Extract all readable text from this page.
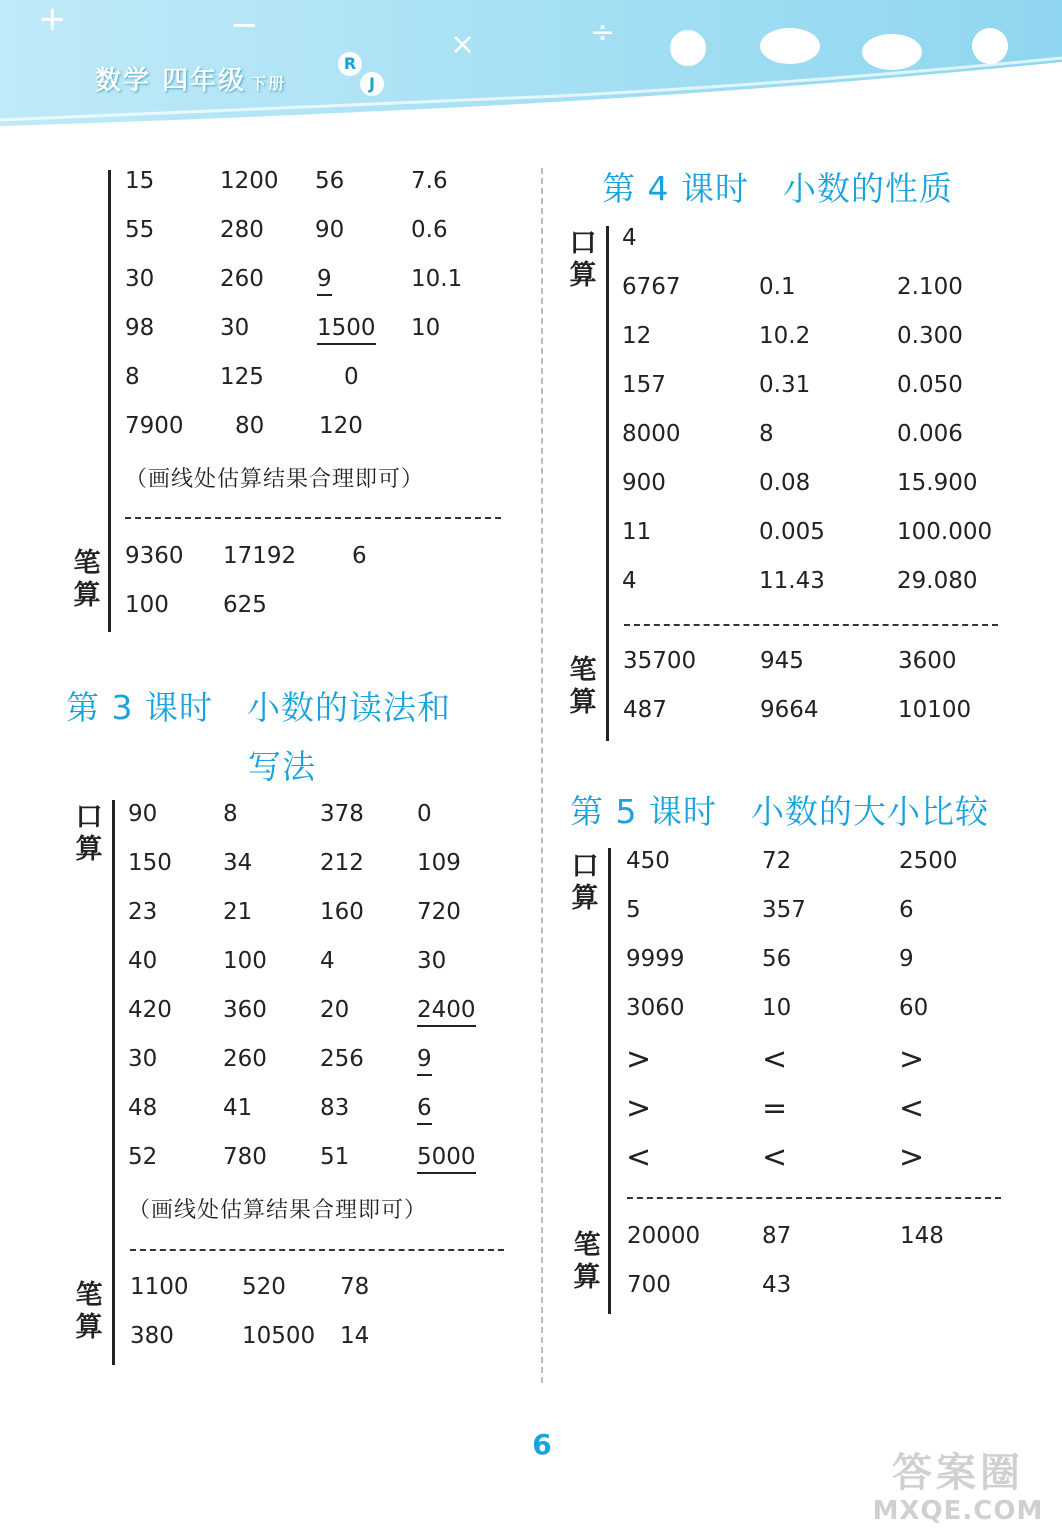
+	−	×	÷
数学 四年级 下册
R
J
15	1200 56	7.6
55	280 90	0.6
30	260 9	10.1
98	30	1500 10
8	125	0
7900 80 120
（画线处估算结果合理即可）
笔算
9360 17192 6
100 625
第 3 课时　小数的读法和
写法
口算
90	8	378 0
150 34	212 109
23	21	160 720
40	100 4	30
420 360 20	2400
30	260 256 9
48	41	83	6
52	780 51	5000
（画线处估算结果合理即可）
笔算
1100 520 78
380	10500 14
第 4 课时　小数的性质
口算
4
6767	0.1	2.100
12	10.2	0.300
157	0.31	0.050
8000	8	0.006
900	0.08	15.900
11	0.005	100.000
4	11.43	29.080
笔算
35700	945	3600
487	9664	10100
第 5 课时　小数的大小比较
口算
450	72	2500
5	357	6
9999	56	9
3060	10	60
>	<	>
>	=	<
<	<	>
笔算
20000	87	148
700	43
6
答案圈
MXQE.COM
